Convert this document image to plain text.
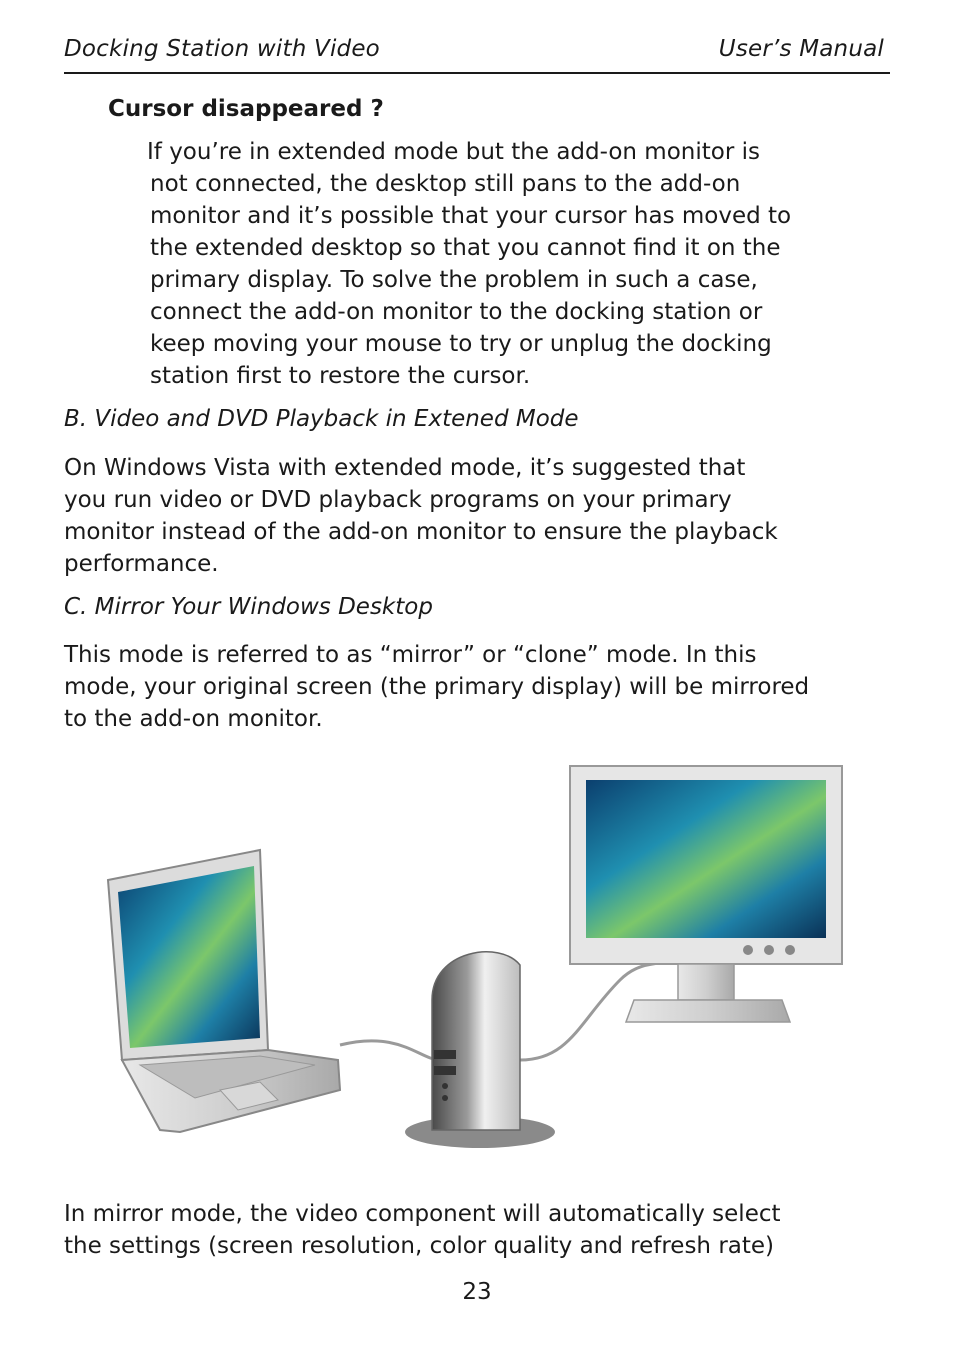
Docking Station with Video	User’s Manual
Cursor disappeared ?
If you’re in extended mode but the add-on monitor is
not connected, the desktop still pans to the add-on
monitor and it’s possible that your cursor has moved to
the extended desktop so that you cannot find it on the
primary display. To solve the problem in such a case,
connect the add-on monitor to the docking station or
keep moving your mouse to try or unplug the docking
station first to restore the cursor.
B. Video and DVD Playback in Extened Mode
On Windows Vista with extended mode, it’s suggested that
you run video or DVD playback programs on your primary
monitor instead of the add-on monitor to ensure the playback
performance.
C. Mirror Your Windows Desktop
This mode is referred to as “mirror” or “clone” mode. In this
mode, your original screen (the primary display) will be mirrored
to the add-on monitor.
In mirror mode, the video component will automatically select
the settings (screen resolution, color quality and refresh rate)
23
